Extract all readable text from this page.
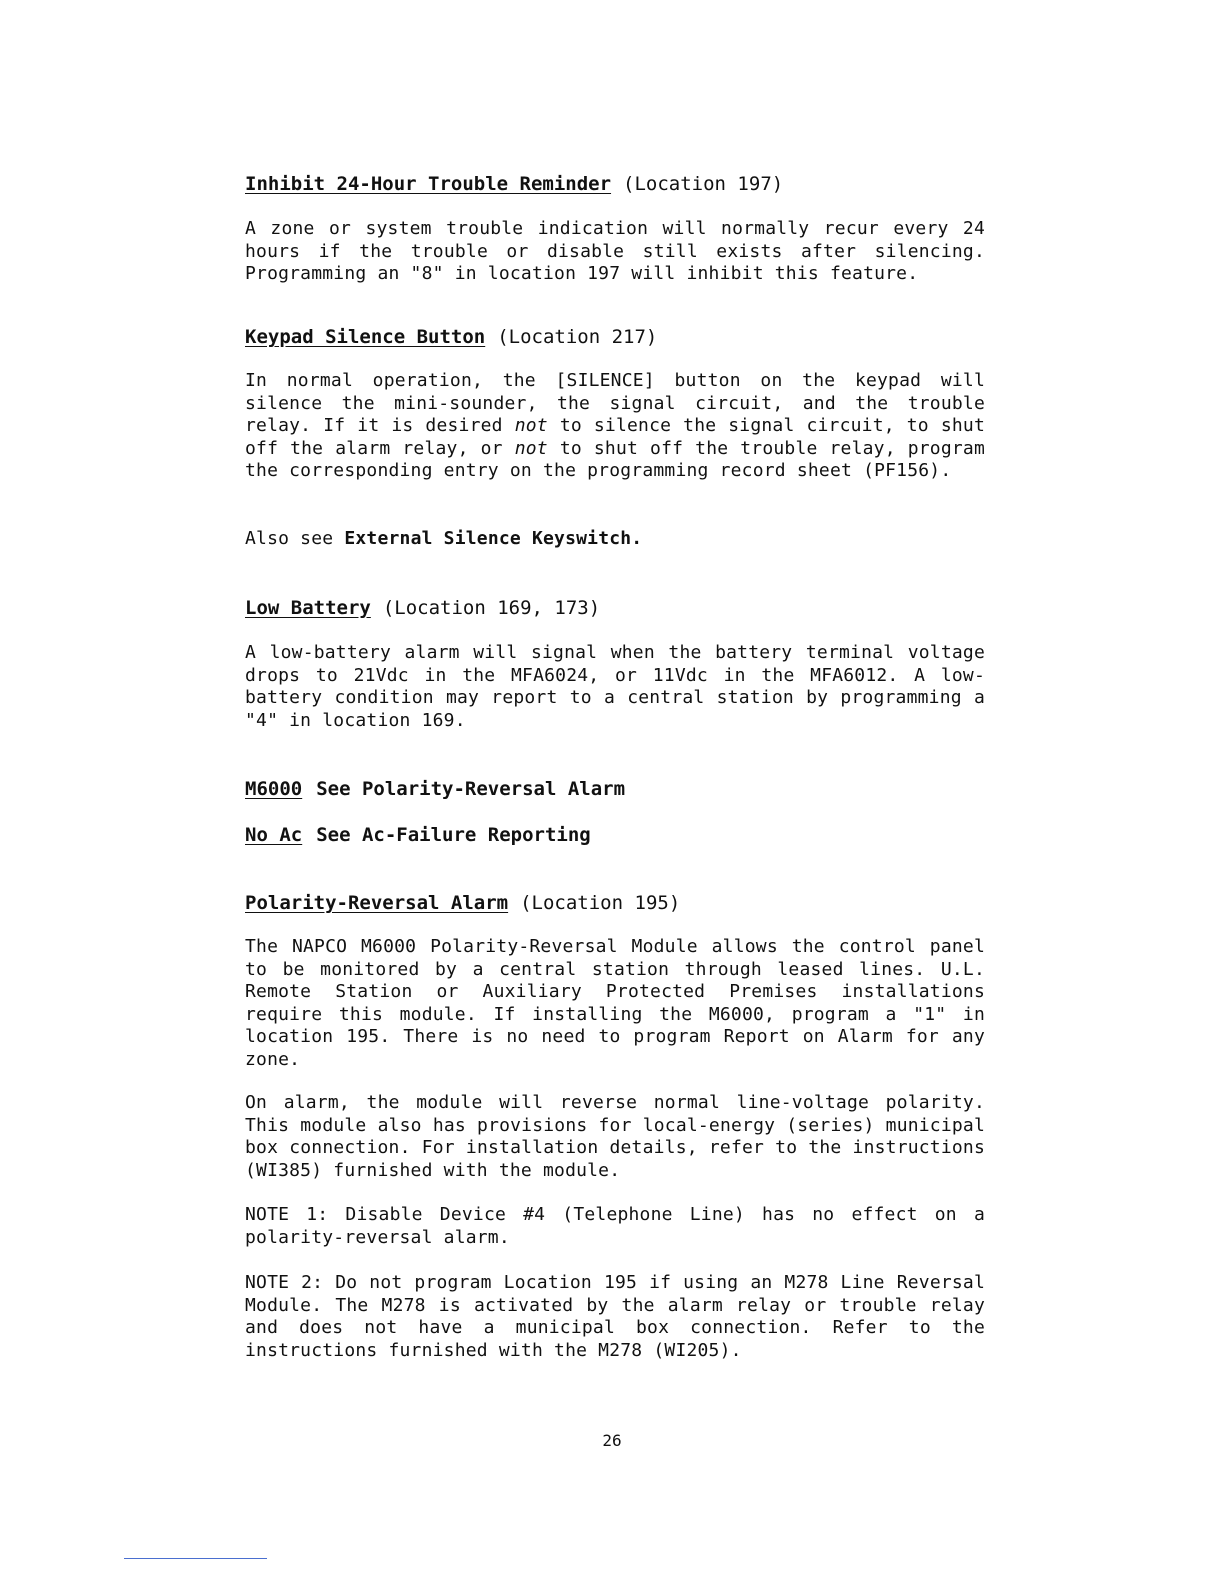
Inhibit 24-Hour Trouble Reminder (Location 197)
A zone or system trouble indication will normally recur every 24 hours if the trouble or disable still exists after silencing. Programming an "8" in location 197 will inhibit this feature.
Keypad Silence Button (Location 217)
In normal operation, the [SILENCE] button on the keypad will silence the mini-sounder, the signal circuit, and the trouble relay. If it is desired not to silence the signal circuit, to shut off the alarm relay, or not to shut off the trouble relay, program the corresponding entry on the programming record sheet (PF156).
Also see External Silence Keyswitch.
Low Battery (Location 169, 173)
A low-battery alarm will signal when the battery terminal voltage drops to 21Vdc in the MFA6024, or 11Vdc in the MFA6012. A low-battery condition may report to a central station by programming a "4" in location 169.
M6000 See Polarity-Reversal Alarm
No Ac See Ac-Failure Reporting
Polarity-Reversal Alarm (Location 195)
The NAPCO M6000 Polarity-Reversal Module allows the control panel to be monitored by a central station through leased lines. U.L. Remote Station or Auxiliary Protected Premises installations require this module. If installing the M6000, program a "1" in location 195. There is no need to program Report on Alarm for any zone.
On alarm, the module will reverse normal line-voltage polarity. This module also has provisions for local-energy (series) municipal box connection. For installation details, refer to the instructions (WI385) furnished with the module.
NOTE 1: Disable Device #4 (Telephone Line) has no effect on a polarity-reversal alarm.
NOTE 2: Do not program Location 195 if using an M278 Line Reversal Module. The M278 is activated by the alarm relay or trouble relay and does not have a municipal box connection. Refer to the instructions furnished with the M278 (WI205).
26
